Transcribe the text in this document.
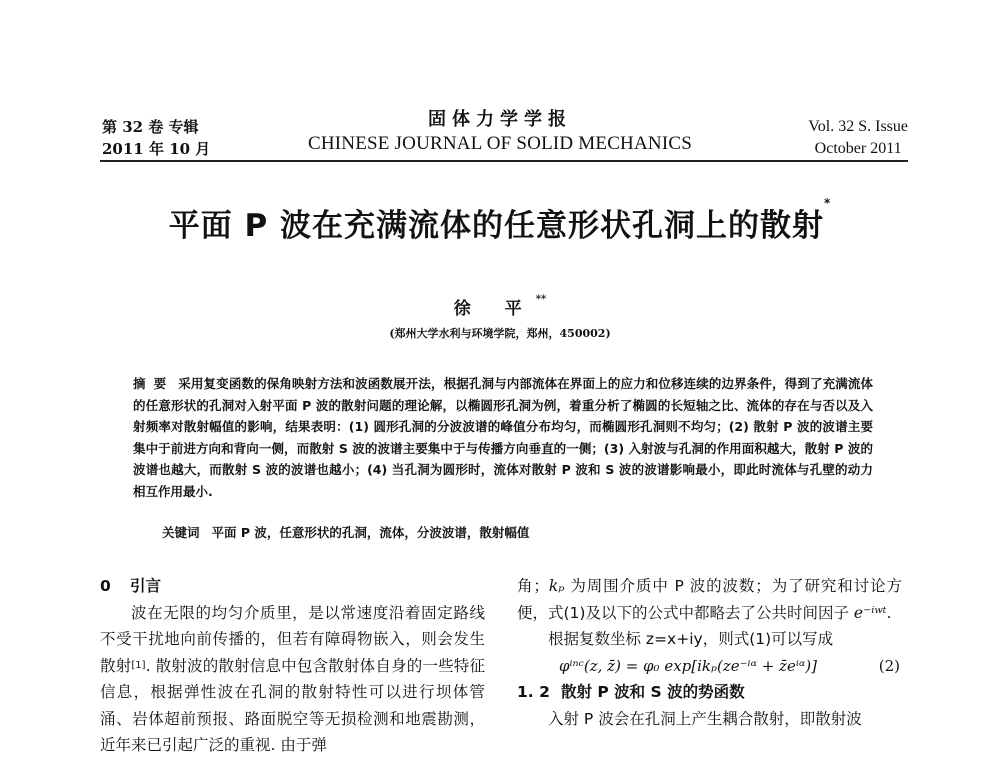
第 32 卷 专辑
2011 年 10 月
固体力学学报
CHINESE JOURNAL OF SOLID MECHANICS
Vol. 32 S. Issue
October 2011
平面 P 波在充满流体的任意形状孔洞上的散射*
徐 平**
(郑州大学水利与环境学院，郑州，450002)
摘要 采用复变函数的保角映射方法和波函数展开法，根据孔洞与内部流体在界面上的应力和位移连续的边界条件，得到了充满流体的任意形状的孔洞对入射平面 P 波的散射问题的理论解，以椭圆形孔洞为例，着重分析了椭圆的长短轴之比、流体的存在与否以及入射频率对散射幅值的影响，结果表明：(1) 圆形孔洞的分波波谱的峰值分布均匀，而椭圆形孔洞则不均匀；(2) 散射 P 波的波谱主要集中于前进方向和背向一侧，而散射 S 波的波谱主要集中于与传播方向垂直的一侧；(3) 入射波与孔洞的作用面积越大，散射 P 波的波谱也越大，而散射 S 波的波谱也越小；(4) 当孔洞为圆形时，流体对散射 P 波和 S 波的波谱影响最小，即此时流体与孔壁的动力相互作用最小.
关键词 平面 P 波，任意形状的孔洞，流体，分波波谱，散射幅值
0 引言

波在无限的均匀介质里，是以常速度沿着固定路线不受干扰地向前传播的，但若有障碍物嵌入，则会发生散射[1]. 散射波的散射信息中包含散射体自身的一些特征信息，根据弹性波在孔洞的散射特性可以进行坝体管涌、岩体超前预报、路面脱空等无损检测和地震勘测，近年来已引起广泛的重视. 由于弹

角；kₚ 为周围介质中 P 波的波数；为了研究和讨论方便，式(1)及以下的公式中都略去了公共时间因子 e⁻ⁱʷᵗ.

根据复数坐标 z=x+iy，则式(1)可以写成

φⁱⁿᶜ(z, z̄) = φ₀ exp[ikₚ(ze⁻ⁱᵅ + z̄eⁱᵅ)]	(2)
1. 2 散射 P 波和 S 波的势函数

入射 P 波会在孔洞上产生耦合散射，即散射波
